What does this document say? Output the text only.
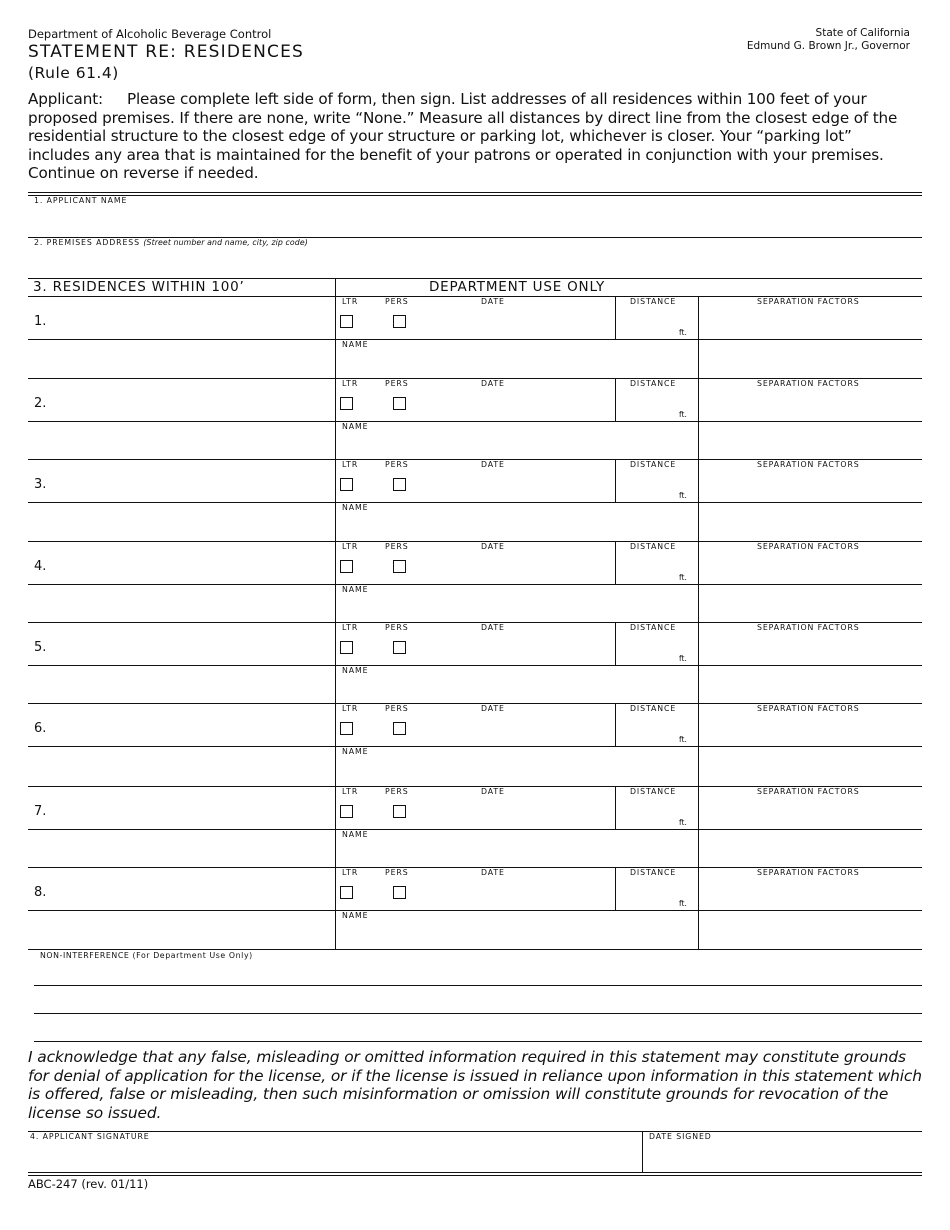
Department of Alcoholic Beverage Control
STATEMENT RE: RESIDENCES
(Rule 61.4)
State of California
Edmund G. Brown Jr., Governor
Applicant: Please complete left side of form, then sign. List addresses of all residences within 100 feet of your proposed premises. If there are none, write “None.” Measure all distances by direct line from the closest edge of the residential structure to the closest edge of your structure or parking lot, whichever is closer. Your “parking lot” includes any area that is maintained for the benefit of your patrons or operated in conjunction with your premises. Continue on reverse if needed.
1. APPLICANT NAME
2. PREMISES ADDRESS (Street number and name, city, zip code)
3. RESIDENCES WITHIN 100’	DEPARTMENT USE ONLY
1.
LTR	PERS	DATE	DISTANCE	SEPARATION FACTORS
ft.
NAME
2.
LTR	PERS	DATE	DISTANCE	SEPARATION FACTORS
ft.
NAME
3.
LTR	PERS	DATE	DISTANCE	SEPARATION FACTORS
ft.
NAME
4.
LTR	PERS	DATE	DISTANCE	SEPARATION FACTORS
ft.
NAME
5.
LTR	PERS	DATE	DISTANCE	SEPARATION FACTORS
ft.
NAME
6.
LTR	PERS	DATE	DISTANCE	SEPARATION FACTORS
ft.
NAME
7.
LTR	PERS	DATE	DISTANCE	SEPARATION FACTORS
ft.
NAME
8.
LTR	PERS	DATE	DISTANCE	SEPARATION FACTORS
ft.
NAME
NON-INTERFERENCE (For Department Use Only)
I acknowledge that any false, misleading or omitted information required in this statement may constitute grounds for denial of application for the license, or if the license is issued in reliance upon information in this statement which is offered, false or misleading, then such misinformation or omission will constitute grounds for revocation of the license so issued.
4. APPLICANT SIGNATURE	DATE SIGNED
ABC-247 (rev. 01/11)
